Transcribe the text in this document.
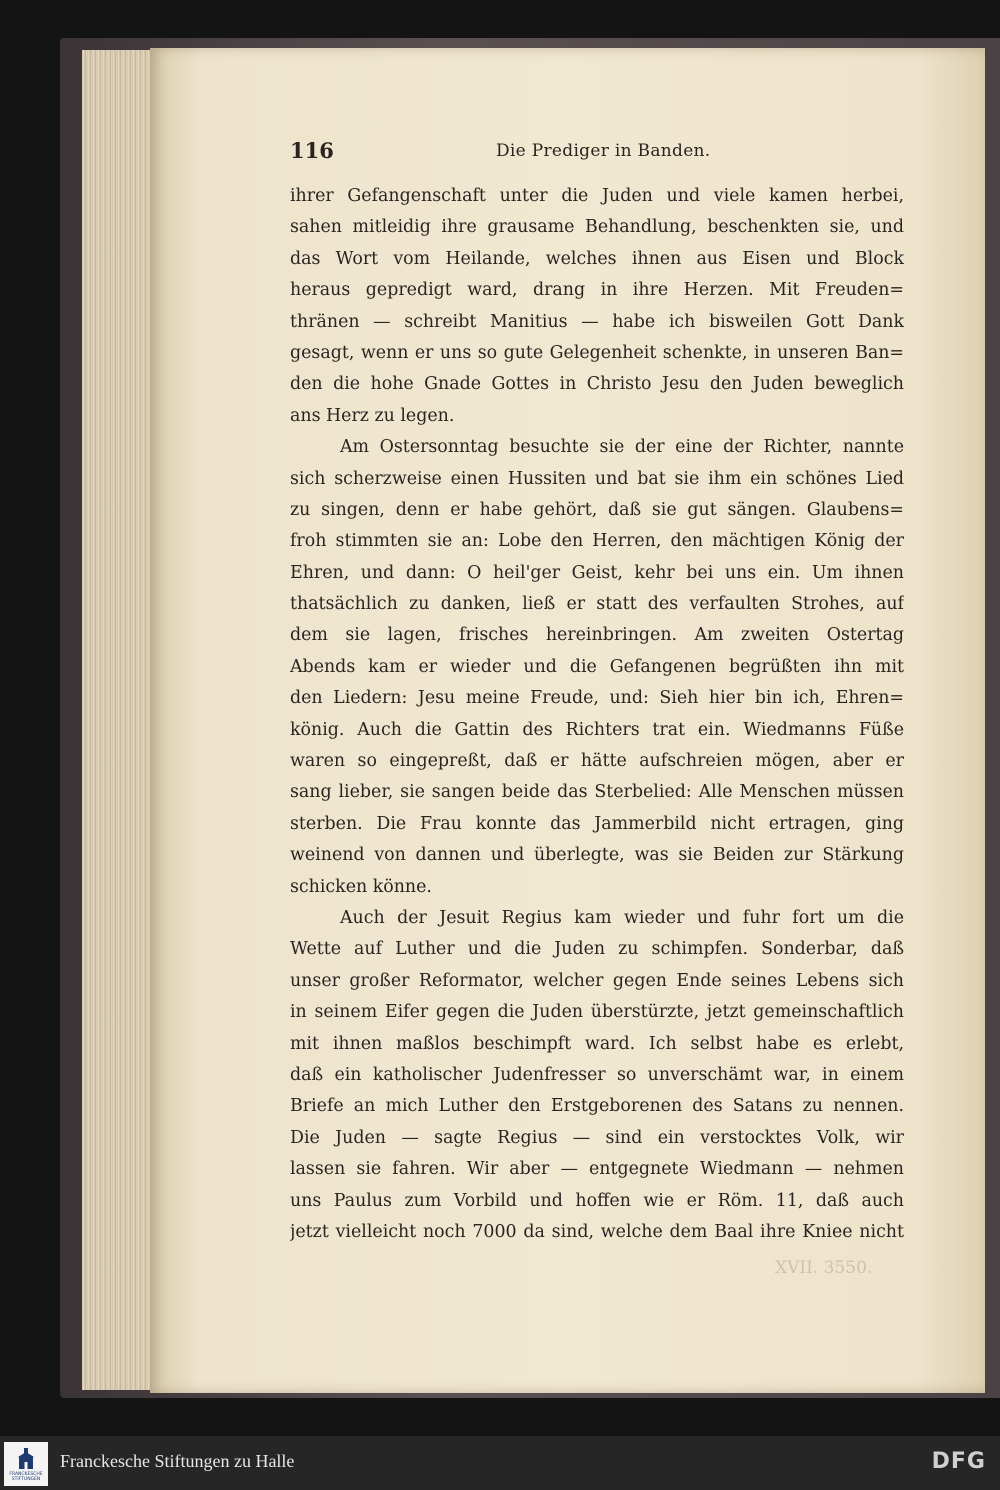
116	Die Prediger in Banden.
ihrer Gefangenschaft unter die Juden und viele kamen herbei,
sahen mitleidig ihre grausame Behandlung, beschenkten sie, und
das Wort vom Heilande, welches ihnen aus Eisen und Block
heraus gepredigt ward, drang in ihre Herzen. Mit Freuden=
thränen — schreibt Manitius — habe ich bisweilen Gott Dank
gesagt, wenn er uns so gute Gelegenheit schenkte, in unseren Ban=
den die hohe Gnade Gottes in Christo Jesu den Juden beweglich
ans Herz zu legen.
Am Ostersonntag besuchte sie der eine der Richter, nannte
sich scherzweise einen Hussiten und bat sie ihm ein schönes Lied
zu singen, denn er habe gehört, daß sie gut sängen. Glaubens=
froh stimmten sie an: Lobe den Herren, den mächtigen König der
Ehren, und dann: O heil'ger Geist, kehr bei uns ein. Um ihnen
thatsächlich zu danken, ließ er statt des verfaulten Strohes, auf
dem sie lagen, frisches hereinbringen. Am zweiten Ostertag
Abends kam er wieder und die Gefangenen begrüßten ihn mit
den Liedern: Jesu meine Freude, und: Sieh hier bin ich, Ehren=
könig. Auch die Gattin des Richters trat ein. Wiedmanns Füße
waren so eingepreßt, daß er hätte aufschreien mögen, aber er
sang lieber, sie sangen beide das Sterbelied: Alle Menschen müssen
sterben. Die Frau konnte das Jammerbild nicht ertragen, ging
weinend von dannen und überlegte, was sie Beiden zur Stärkung
schicken könne.
Auch der Jesuit Regius kam wieder und fuhr fort um die
Wette auf Luther und die Juden zu schimpfen. Sonderbar, daß
unser großer Reformator, welcher gegen Ende seines Lebens sich
in seinem Eifer gegen die Juden überstürzte, jetzt gemeinschaftlich
mit ihnen maßlos beschimpft ward. Ich selbst habe es erlebt,
daß ein katholischer Judenfresser so unverschämt war, in einem
Briefe an mich Luther den Erstgeborenen des Satans zu nennen.
Die Juden — sagte Regius — sind ein verstocktes Volk, wir
lassen sie fahren. Wir aber — entgegnete Wiedmann — nehmen
uns Paulus zum Vorbild und hoffen wie er Röm. 11, daß auch
jetzt vielleicht noch 7000 da sind, welche dem Baal ihre Kniee nicht
XVII. 3550.
FRANCKESCHE STIFTUNGEN
Franckesche Stiftungen zu Halle	DFG
